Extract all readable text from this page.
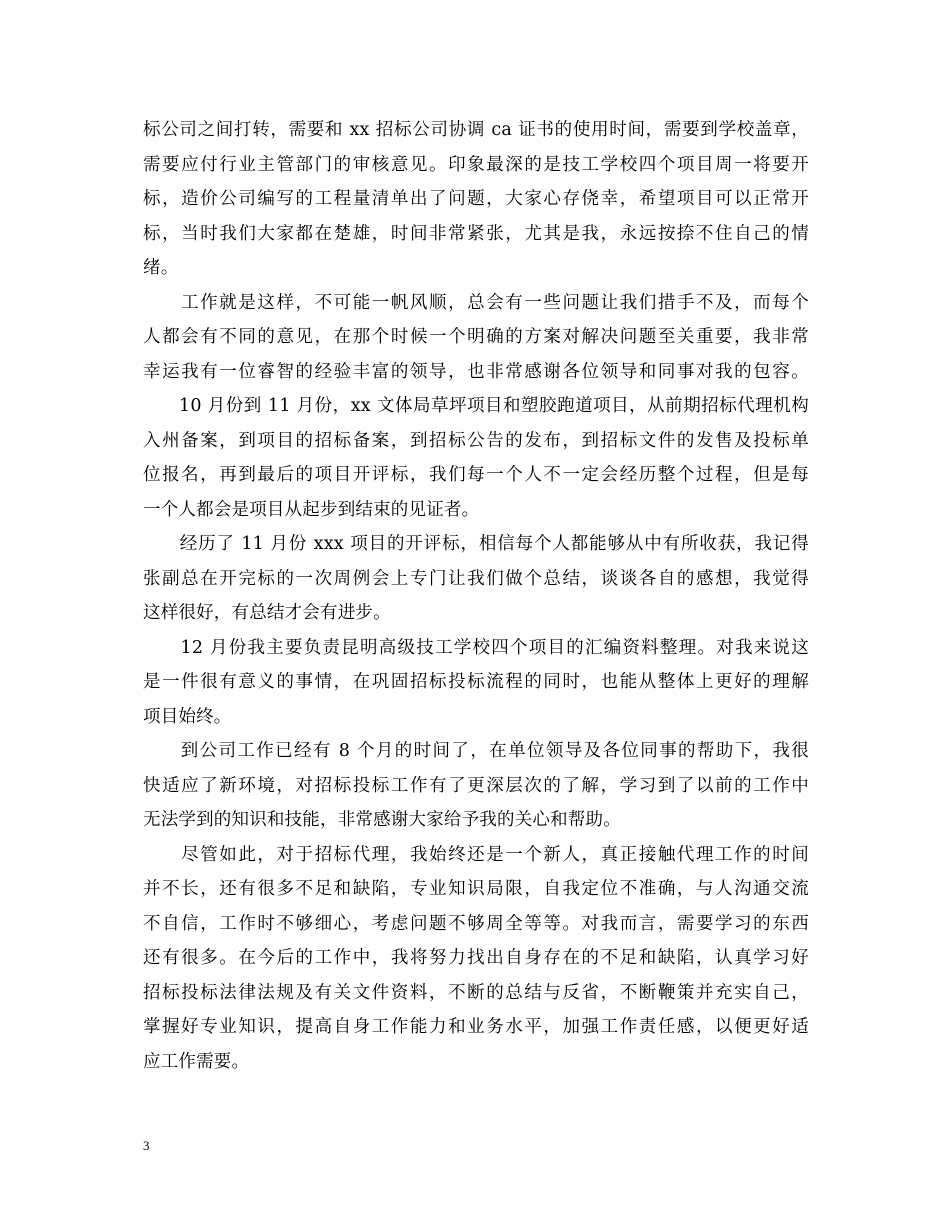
标公司之间打转，需要和 xx 招标公司协调 ca 证书的使用时间，需要到学校盖章，
需要应付行业主管部门的审核意见。印象最深的是技工学校四个项目周一将要开
标，造价公司编写的工程量清单出了问题，大家心存侥幸，希望项目可以正常开
标，当时我们大家都在楚雄，时间非常紧张，尤其是我，永远按捺不住自己的情
绪。
　　工作就是这样，不可能一帆风顺，总会有一些问题让我们措手不及，而每个
人都会有不同的意见，在那个时候一个明确的方案对解决问题至关重要，我非常
幸运我有一位睿智的经验丰富的领导，也非常感谢各位领导和同事对我的包容。
　　10 月份到 11 月份，xx 文体局草坪项目和塑胶跑道项目，从前期招标代理机构
入州备案，到项目的招标备案，到招标公告的发布，到招标文件的发售及投标单
位报名，再到最后的项目开评标，我们每一个人不一定会经历整个过程，但是每
一个人都会是项目从起步到结束的见证者。
　　经历了 11 月份 xxx 项目的开评标，相信每个人都能够从中有所收获，我记得
张副总在开完标的一次周例会上专门让我们做个总结，谈谈各自的感想，我觉得
这样很好，有总结才会有进步。
　　12 月份我主要负责昆明高级技工学校四个项目的汇编资料整理。对我来说这
是一件很有意义的事情，在巩固招标投标流程的同时，也能从整体上更好的理解
项目始终。
　　到公司工作已经有 8 个月的时间了，在单位领导及各位同事的帮助下，我很
快适应了新环境，对招标投标工作有了更深层次的了解，学习到了以前的工作中
无法学到的知识和技能，非常感谢大家给予我的关心和帮助。
　　尽管如此，对于招标代理，我始终还是一个新人，真正接触代理工作的时间
并不长，还有很多不足和缺陷，专业知识局限，自我定位不准确，与人沟通交流
不自信，工作时不够细心，考虑问题不够周全等等。对我而言，需要学习的东西
还有很多。在今后的工作中，我将努力找出自身存在的不足和缺陷，认真学习好
招标投标法律法规及有关文件资料，不断的总结与反省，不断鞭策并充实自己，
掌握好专业知识，提高自身工作能力和业务水平，加强工作责任感，以便更好适
应工作需要。
3
